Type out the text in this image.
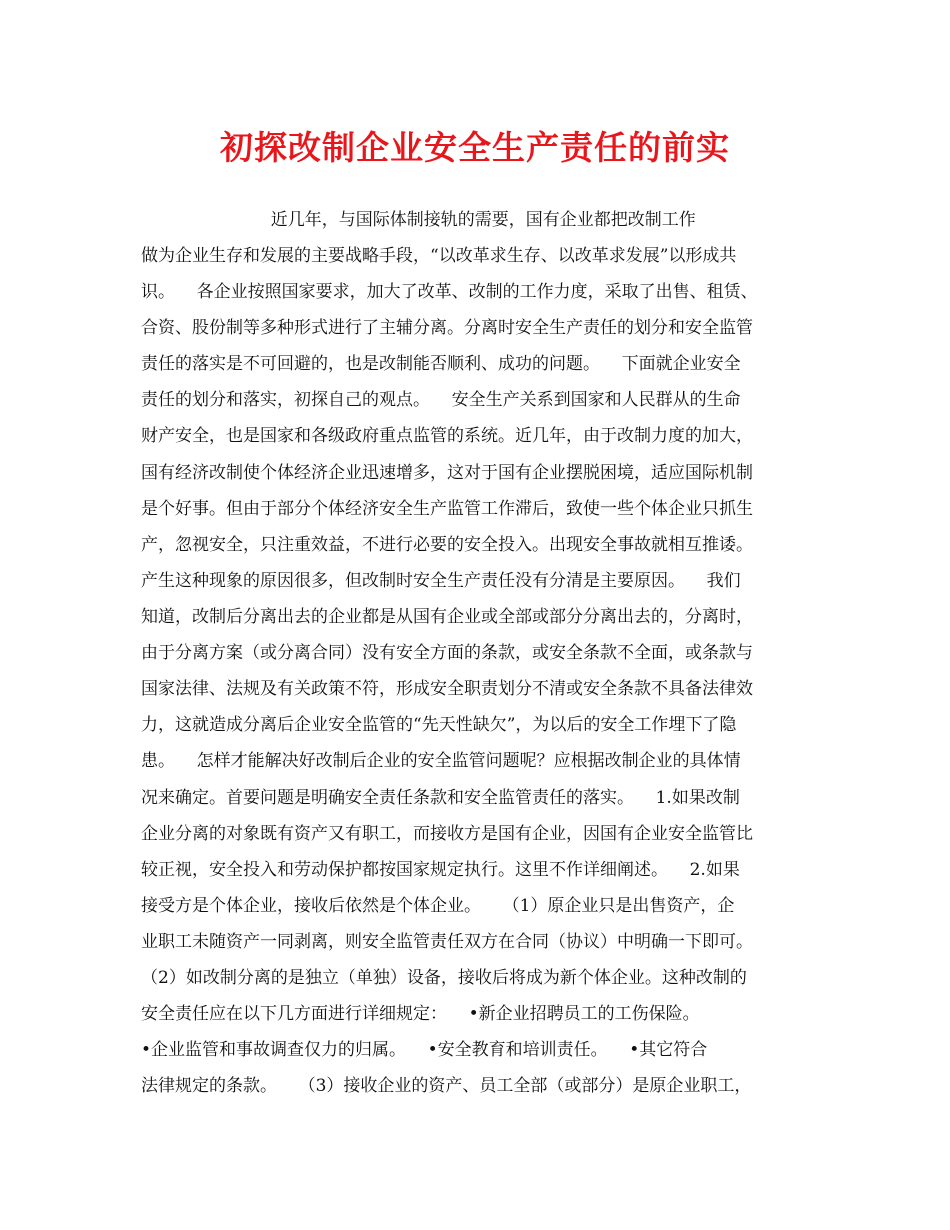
初探改制企业安全生产责任的前实
近几年，与国际体制接轨的需要，国有企业都把改制工作
做为企业生存和发展的主要战略手段，“以改革求生存、以改革求发展”以形成共
识。    各企业按照国家要求，加大了改革、改制的工作力度，采取了出售、租赁、
合资、股份制等多种形式进行了主辅分离。分离时安全生产责任的划分和安全监管
责任的落实是不可回避的，也是改制能否顺利、成功的问题。    下面就企业安全
责任的划分和落实，初探自己的观点。    安全生产关系到国家和人民群从的生命
财产安全，也是国家和各级政府重点监管的系统。近几年，由于改制力度的加大，
国有经济改制使个体经济企业迅速增多，这对于国有企业摆脱困境，适应国际机制
是个好事。但由于部分个体经济安全生产监管工作滞后，致使一些个体企业只抓生
产，忽视安全，只注重效益，不进行必要的安全投入。出现安全事故就相互推诿。
产生这种现象的原因很多，但改制时安全生产责任没有分清是主要原因。    我们
知道，改制后分离出去的企业都是从国有企业或全部或部分分离出去的，分离时，
由于分离方案（或分离合同）没有安全方面的条款，或安全条款不全面，或条款与
国家法律、法规及有关政策不符，形成安全职责划分不清或安全条款不具备法律效
力，这就造成分离后企业安全监管的“先天性缺欠”，为以后的安全工作埋下了隐
患。    怎样才能解决好改制后企业的安全监管问题呢？应根据改制企业的具体情
况来确定。首要问题是明确安全责任条款和安全监管责任的落实。    1.如果改制
企业分离的对象既有资产又有职工，而接收方是国有企业，因国有企业安全监管比
较正视，安全投入和劳动保护都按国家规定执行。这里不作详细阐述。    2.如果
接受方是个体企业，接收后依然是个体企业。    （1）原企业只是出售资产，企
业职工未随资产一同剥离，则安全监管责任双方在合同（协议）中明确一下即可。
（2）如改制分离的是独立（单独）设备，接收后将成为新个体企业。这种改制的
安全责任应在以下几方面进行详细规定：    •新企业招聘员工的工伤保险。
•企业监管和事故调查仅力的归属。    •安全教育和培训责任。    •其它符合
法律规定的条款。    （3）接收企业的资产、员工全部（或部分）是原企业职工，
